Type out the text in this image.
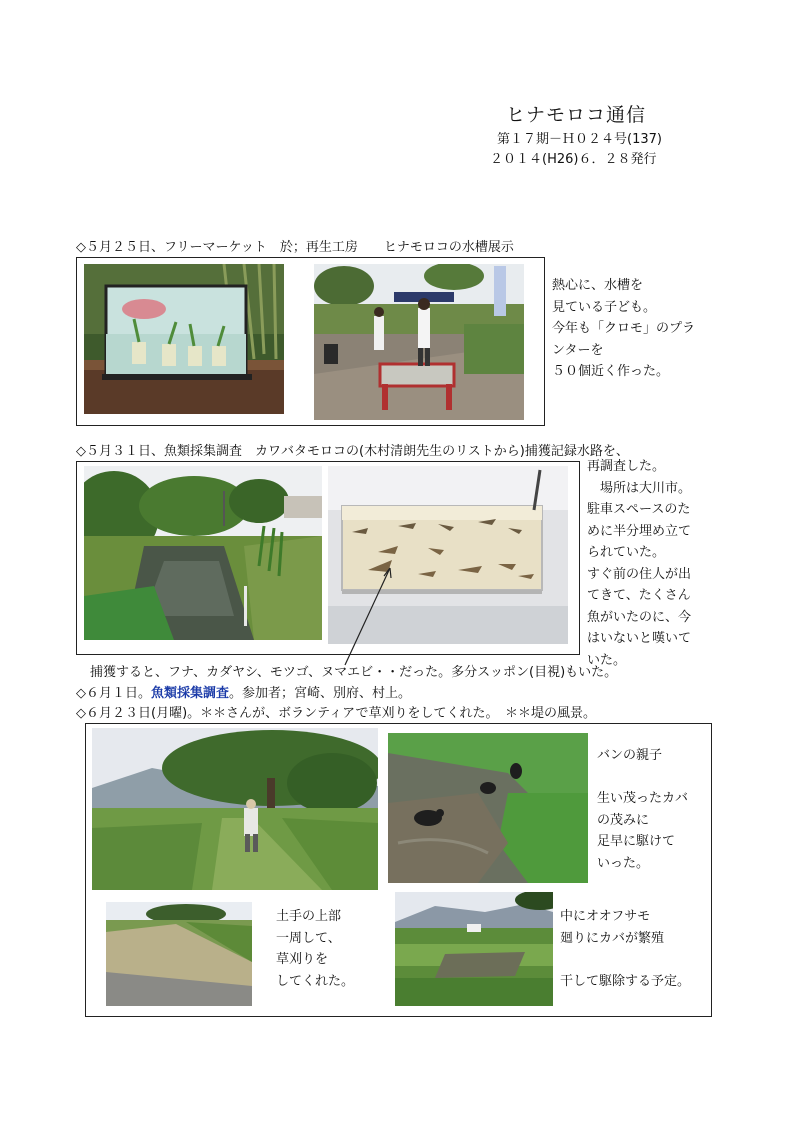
ヒナモロコ通信
第１７期－Ｈ０２４号(137)
２０１４(H26)６．２８発行
◇５月２５日、フリーマーケット　於；再生工房　　ヒナモロコの水槽展示
熱心に、水槽を
見ている子ども。
今年も「クロモ」のプラ
ンターを
５０個近く作った。
◇５月３１日、魚類採集調査　カワバタモロコの(木村清朗先生のリストから)捕獲記録水路を、
再調査した。
　場所は大川市。
駐車スペースのた
めに半分埋め立て
られていた。
すぐ前の住人が出
てきて、たくさん
魚がいたのに、今
はいないと嘆いて
いた。
捕獲すると、フナ、カダヤシ、モツゴ、ヌマエビ・・だった。多分スッポン(目視)もいた。
◇６月１日。魚類採集調査。参加者；宮崎、別府、村上。
◇６月２３日(月曜)。＊＊さんが、ボランティアで草刈りをしてくれた。　＊＊堤の風景。
バンの親子

生い茂ったカバ
の茂みに
足早に駆けて
いった。
土手の上部
一周して、
草刈りを
してくれた。
中にオオフサモ
廻りにカバが繁殖

干して駆除する予定。
